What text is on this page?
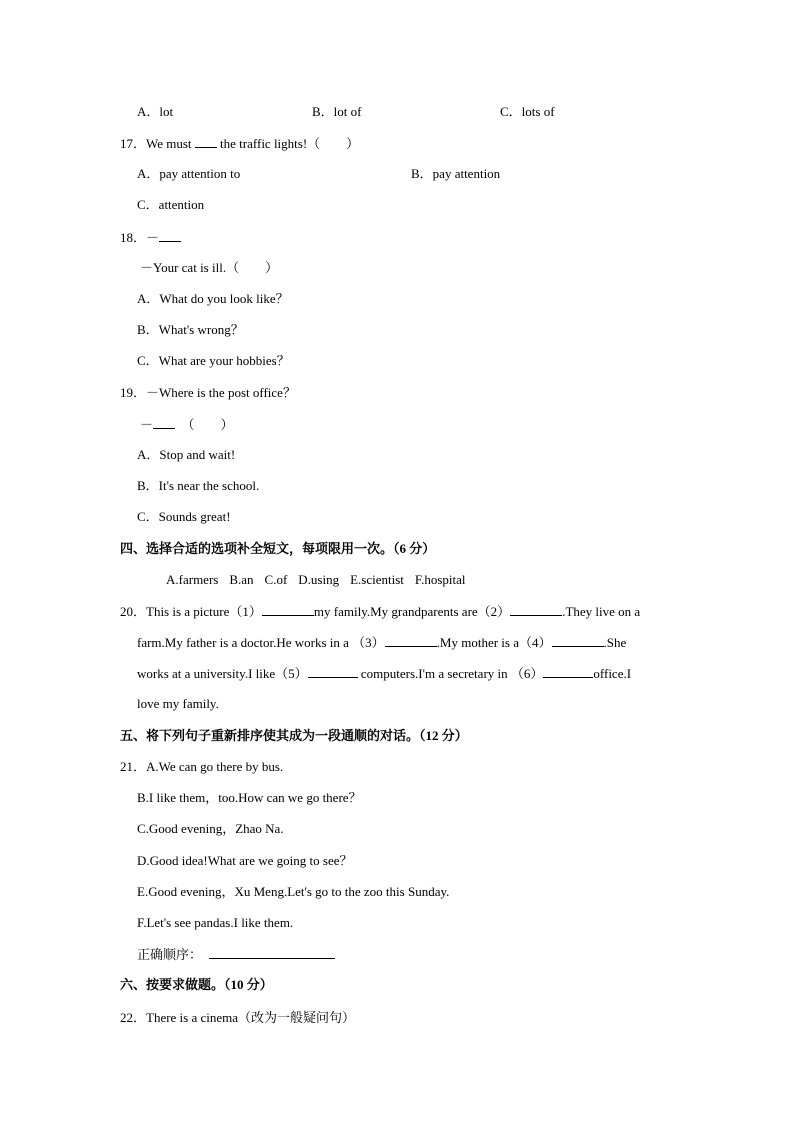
A．lot	B．lot of	C．lots of
17．We must  the traffic lights!（　　）
A．pay attention to	B．pay attention
C．attention
18．－
－Your cat is ill.（　　）
A．What do you look like？
B．What's wrong？
C．What are your hobbies？
19．－Where is the post office？
－ （　　）
A．Stop and wait!
B．It's near the school.
C．Sounds great!
四、选择合适的选项补全短文，每项限用一次。（6 分）
A.farmers B.an C.of D.using E.scientist F.hospital
20．This is a picture（1）	my family.My grandparents are（2）	.They live on a
farm.My father is a doctor.He works in a （3）	.My mother is a（4）	.She
works at a university.I like（5）	computers.I'm a secretary in （6）	office.I
love my family.
五、将下列句子重新排序使其成为一段通顺的对话。（12 分）
21．A.We can go there by bus.
B.I like them，too.How can we go there？
C.Good evening，Zhao Na.
D.Good idea!What are we going to see？
E.Good evening，Xu Meng.Let's go to the zoo this Sunday.
F.Let's see pandas.I like them.
正确顺序：
六、按要求做题。（10 分）
22．There is a cinema（改为一般疑问句）
